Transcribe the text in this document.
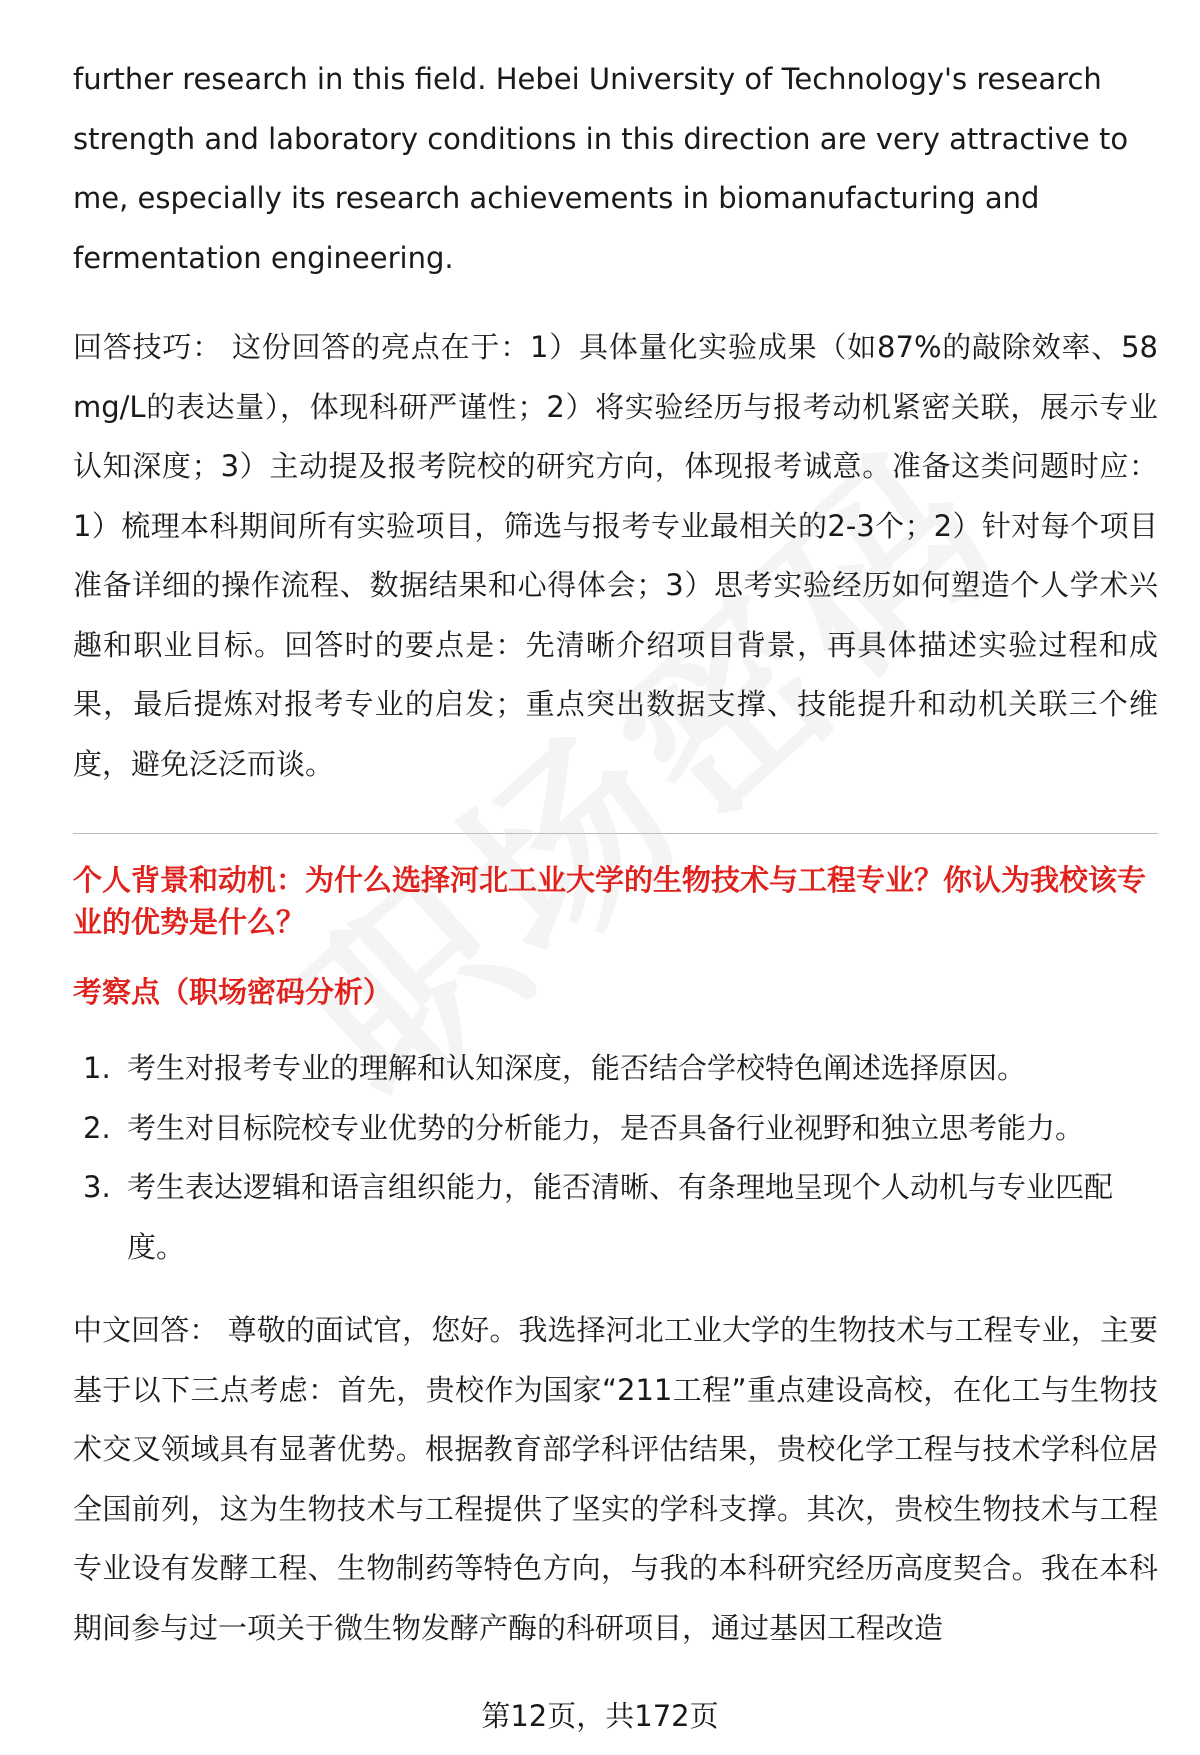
further research in this field. Hebei University of Technology's research strength and laboratory conditions in this direction are very attractive to me, especially its research achievements in biomanufacturing and fermentation engineering.

回答技巧： 这份回答的亮点在于：1）具体量化实验成果（如87%的敲除效率、58mg/L的表达量），体现科研严谨性；2）将实验经历与报考动机紧密关联，展示专业认知深度；3）主动提及报考院校的研究方向，体现报考诚意。准备这类问题时应：1）梳理本科期间所有实验项目，筛选与报考专业最相关的2-3个；2）针对每个项目准备详细的操作流程、数据结果和心得体会；3）思考实验经历如何塑造个人学术兴趣和职业目标。回答时的要点是：先清晰介绍项目背景，再具体描述实验过程和成果，最后提炼对报考专业的启发；重点突出数据支撑、技能提升和动机关联三个维度，避免泛泛而谈。

个人背景和动机：为什么选择河北工业大学的生物技术与工程专业？你认为我校该专业的优势是什么？
考察点（职场密码分析）
1. 考生对报考专业的理解和认知深度，能否结合学校特色阐述选择原因。
2. 考生对目标院校专业优势的分析能力，是否具备行业视野和独立思考能力。
3. 考生表达逻辑和语言组织能力，能否清晰、有条理地呈现个人动机与专业匹配度。

中文回答： 尊敬的面试官，您好。我选择河北工业大学的生物技术与工程专业，主要基于以下三点考虑：首先，贵校作为国家“211工程”重点建设高校，在化工与生物技术交叉领域具有显著优势。根据教育部学科评估结果，贵校化学工程与技术学科位居全国前列，这为生物技术与工程提供了坚实的学科支撑。其次，贵校生物技术与工程专业设有发酵工程、生物制药等特色方向，与我的本科研究经历高度契合。我在本科期间参与过一项关于微生物发酵产酶的科研项目，通过基因工程改造

第12页，共172页
